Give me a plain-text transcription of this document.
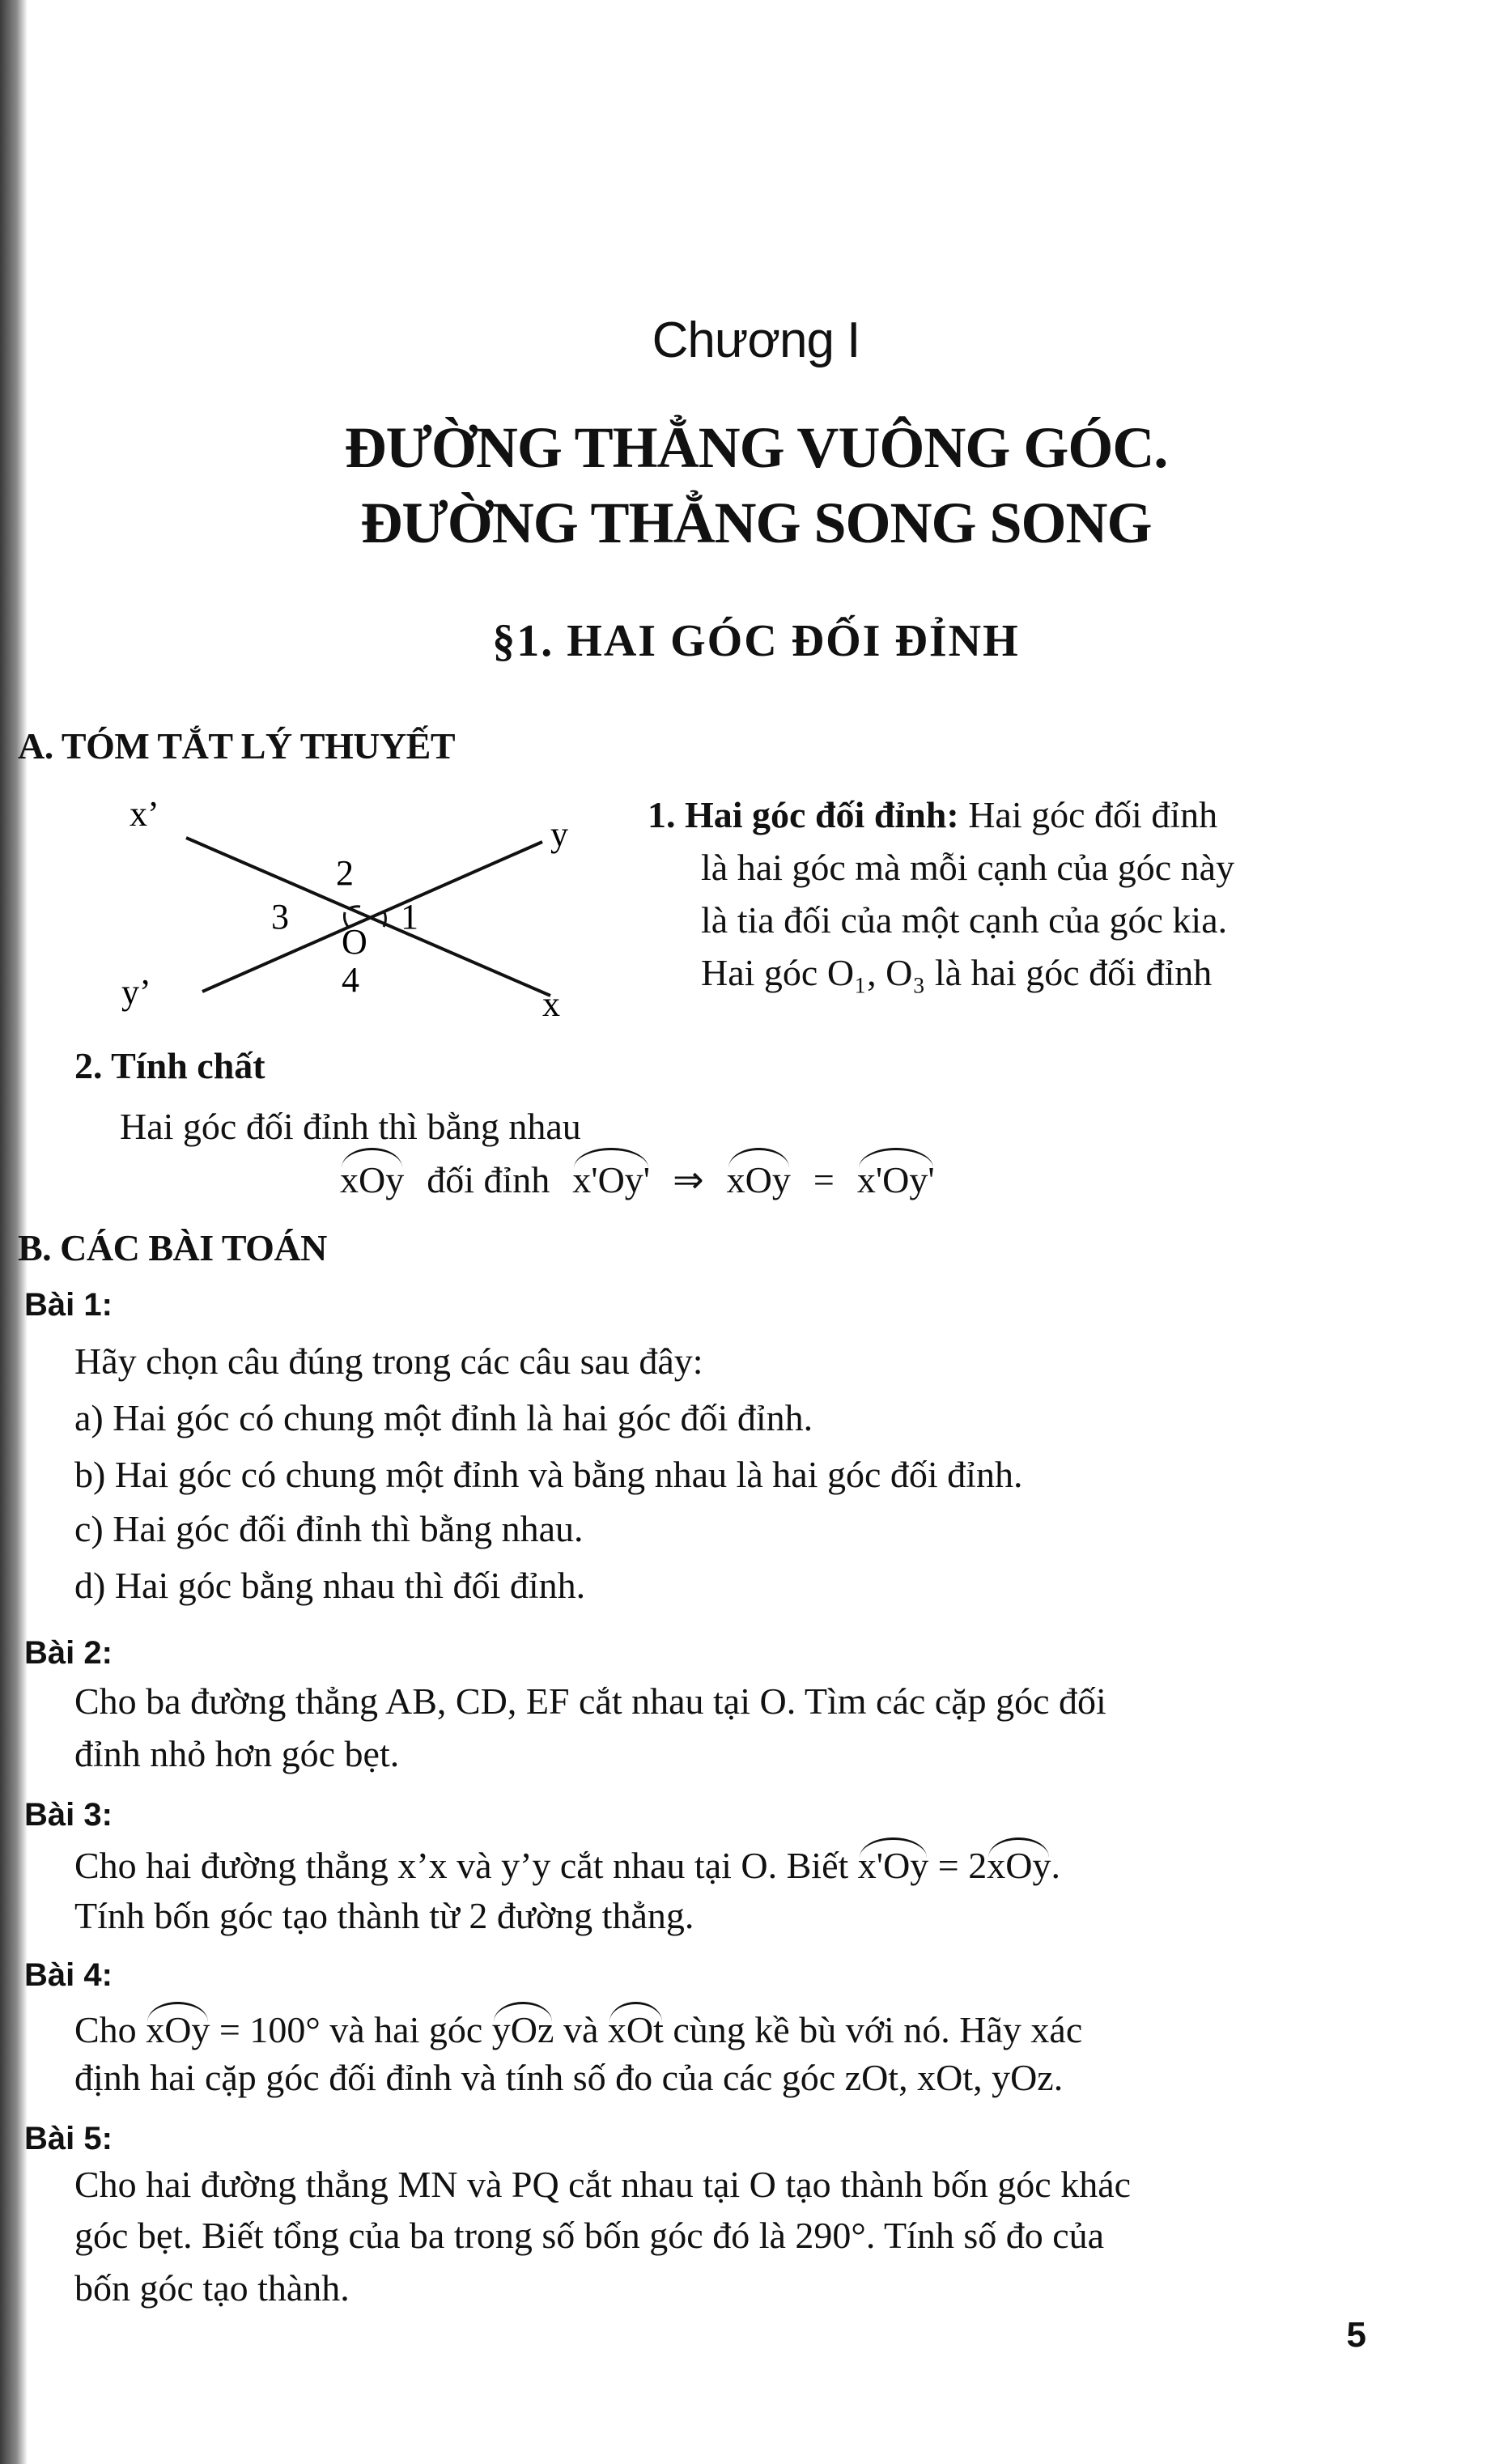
Chương I
ĐƯỜNG THẲNG VUÔNG GÓC.
ĐƯỜNG THẲNG SONG SONG
§1. HAI GÓC ĐỐI ĐỈNH
A. TÓM TẮT LÝ THUYẾT
x’
y
2
3	1
O
4
y’	x
1. Hai góc đối đỉnh: Hai góc đối đỉnh
là hai góc mà mỗi cạnh của góc này
là tia đối của một cạnh của góc kia.
Hai góc O₁, O₃ là hai góc đối đỉnh
2. Tính chất
Hai góc đối đỉnh thì bằng nhau
xOy đối đỉnh x'Oy' ⇒ xOy = x'Oy'
B. CÁC BÀI TOÁN
Bài 1:
Hãy chọn câu đúng trong các câu sau đây:
a) Hai góc có chung một đỉnh là hai góc đối đỉnh.
b) Hai góc có chung một đỉnh và bằng nhau là hai góc đối đỉnh.
c) Hai góc đối đỉnh thì bằng nhau.
d) Hai góc bằng nhau thì đối đỉnh.
Bài 2:
Cho ba đường thẳng AB, CD, EF cắt nhau tại O. Tìm các cặp góc đối
đỉnh nhỏ hơn góc bẹt.
Bài 3:
Cho hai đường thẳng x’x và y’y cắt nhau tại O. Biết x'Oy = 2xOy.
Tính bốn góc tạo thành từ 2 đường thẳng.
Bài 4:
Cho xOy = 100° và hai góc yOz và xOt cùng kề bù với nó. Hãy xác
định hai cặp góc đối đỉnh và tính số đo của các góc zOt, xOt, yOz.
Bài 5:
Cho hai đường thẳng MN và PQ cắt nhau tại O tạo thành bốn góc khác
góc bẹt. Biết tổng của ba trong số bốn góc đó là 290°. Tính số đo của
bốn góc tạo thành.
5
